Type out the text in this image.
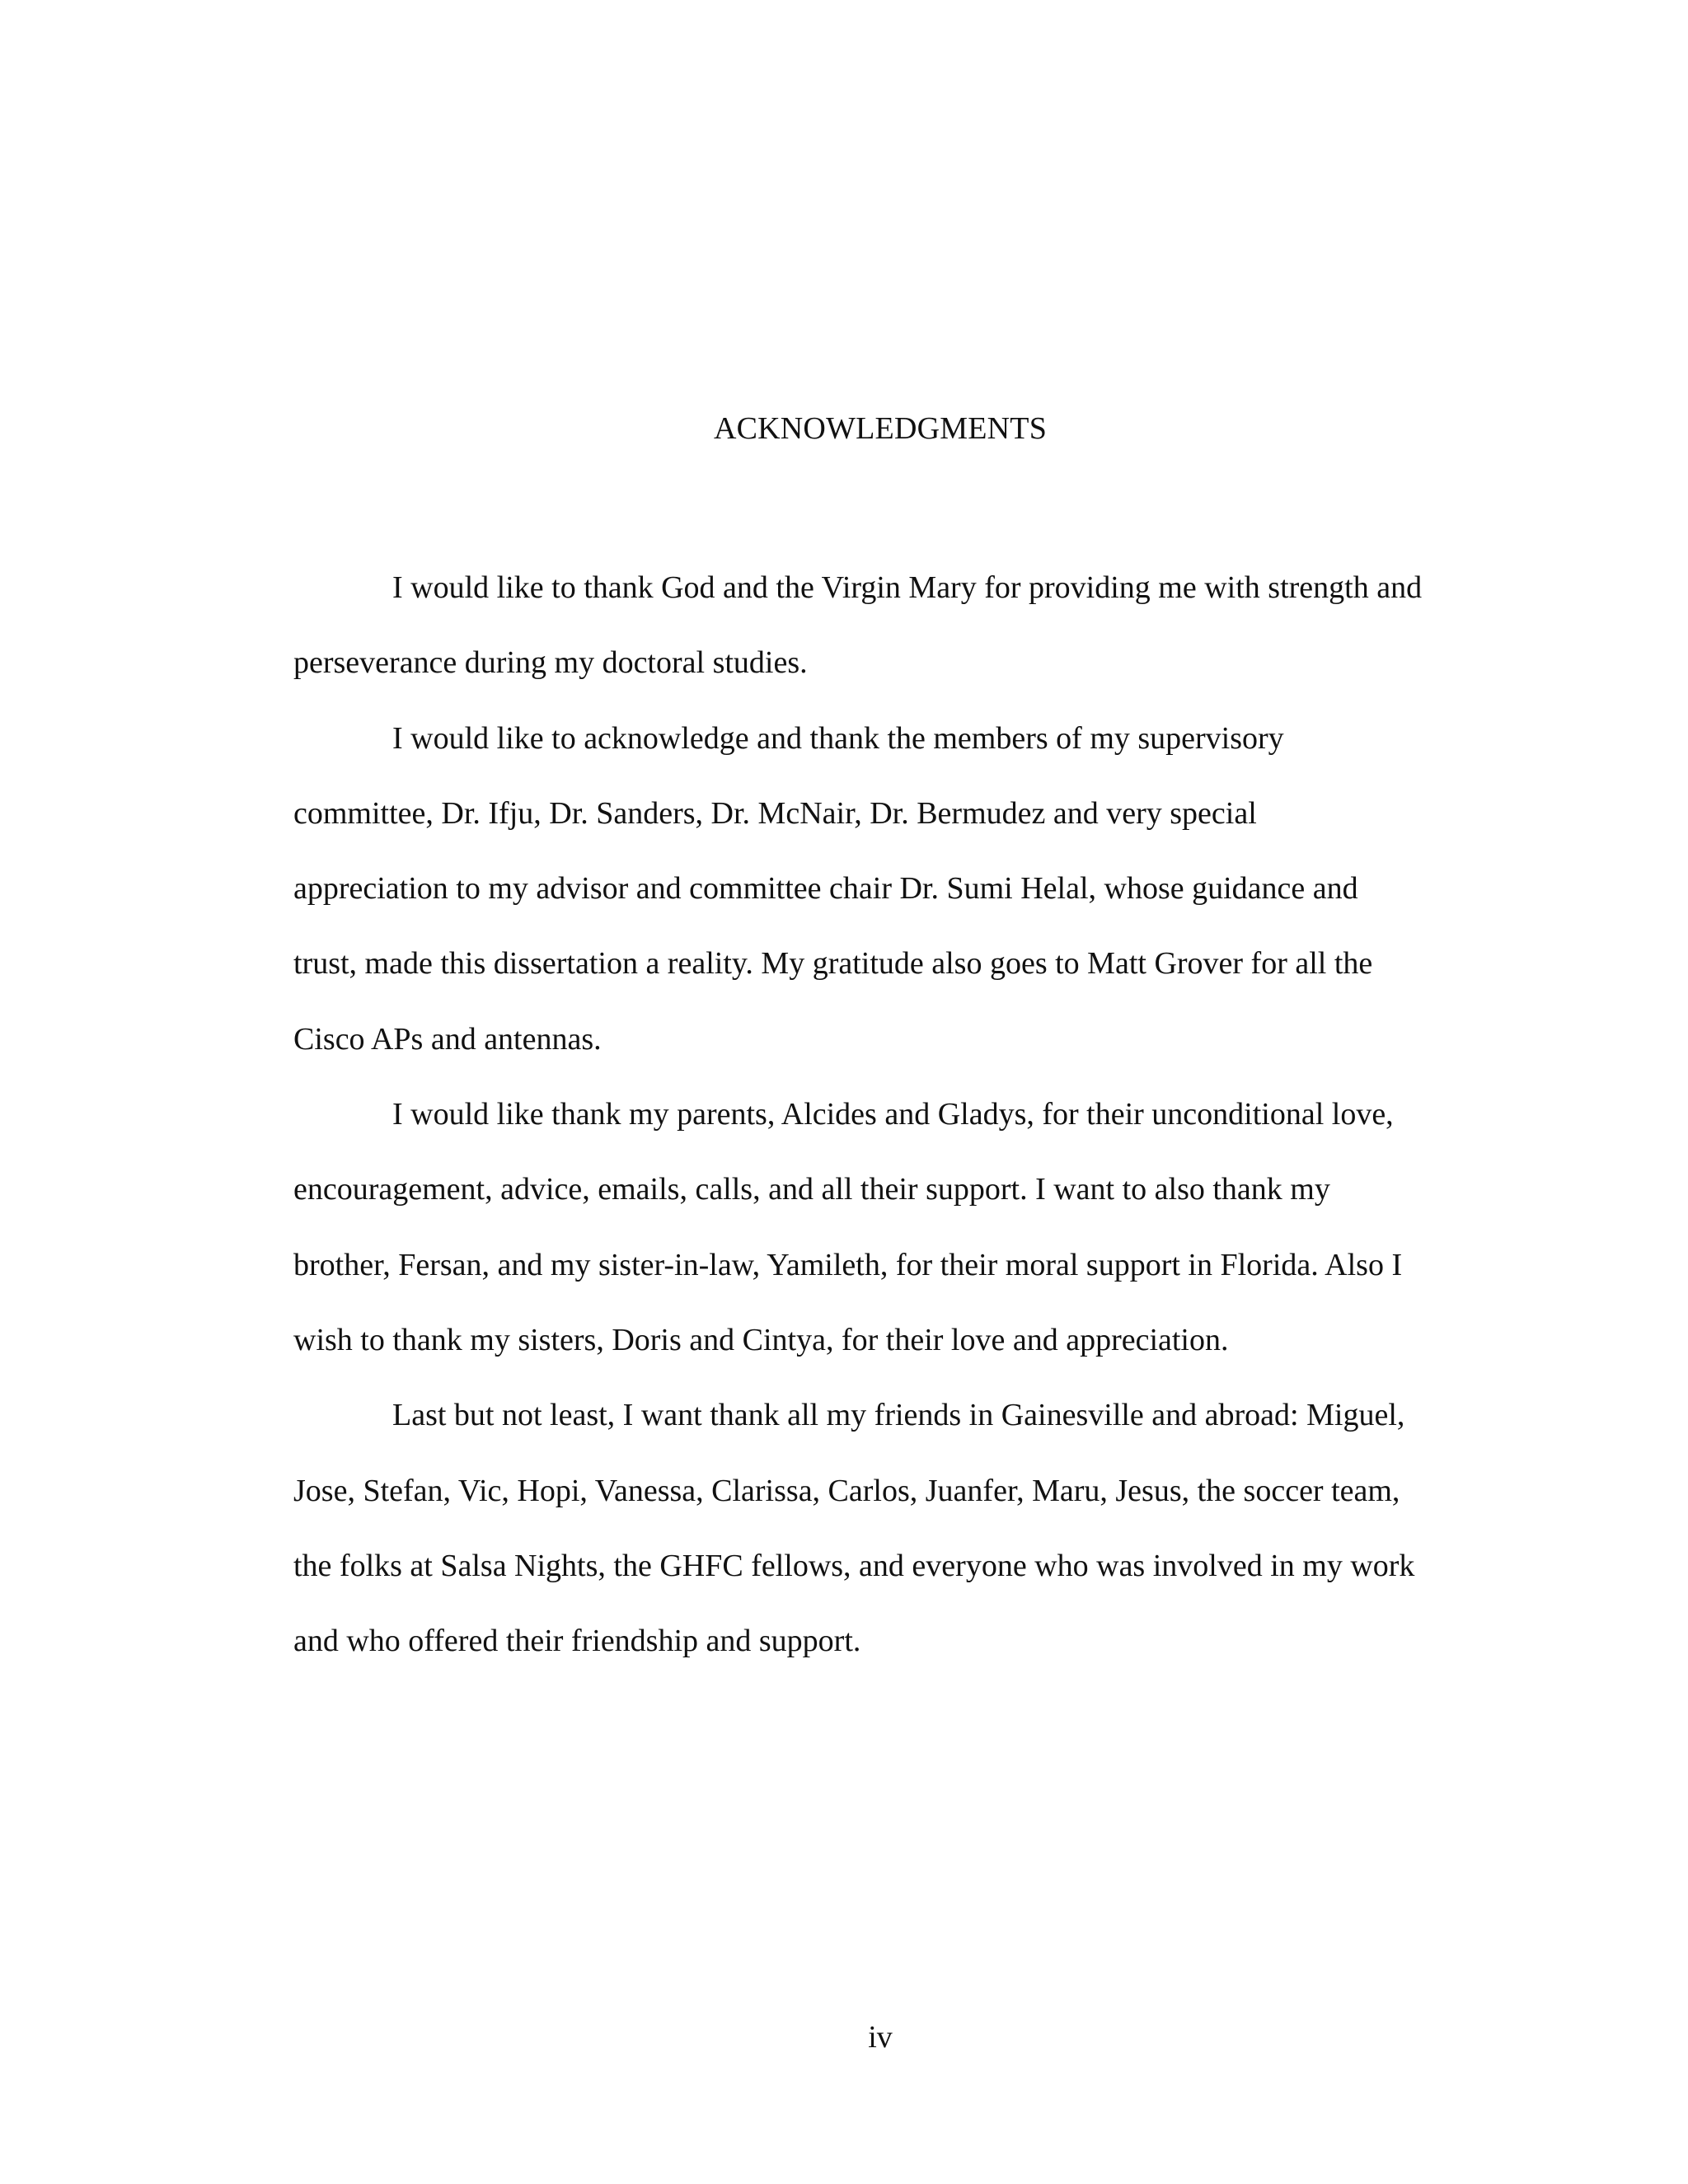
ACKNOWLEDGMENTS

I would like to thank God and the Virgin Mary for providing me with strength and
perseverance during my doctoral studies.

I would like to acknowledge and thank the members of my supervisory
committee, Dr. Ifju, Dr. Sanders, Dr. McNair, Dr. Bermudez and very special
appreciation to my advisor and committee chair Dr. Sumi Helal, whose guidance and
trust, made this dissertation a reality. My gratitude also goes to Matt Grover for all the
Cisco APs and antennas.

I would like thank my parents, Alcides and Gladys, for their unconditional love,
encouragement, advice, emails, calls, and all their support. I want to also thank my
brother, Fersan, and my sister-in-law, Yamileth, for their moral support in Florida. Also I
wish to thank my sisters, Doris and Cintya, for their love and appreciation.

Last but not least, I want thank all my friends in Gainesville and abroad: Miguel,
Jose, Stefan, Vic, Hopi, Vanessa, Clarissa, Carlos, Juanfer, Maru, Jesus, the soccer team,
the folks at Salsa Nights, the GHFC fellows, and everyone who was involved in my work
and who offered their friendship and support.

iv
